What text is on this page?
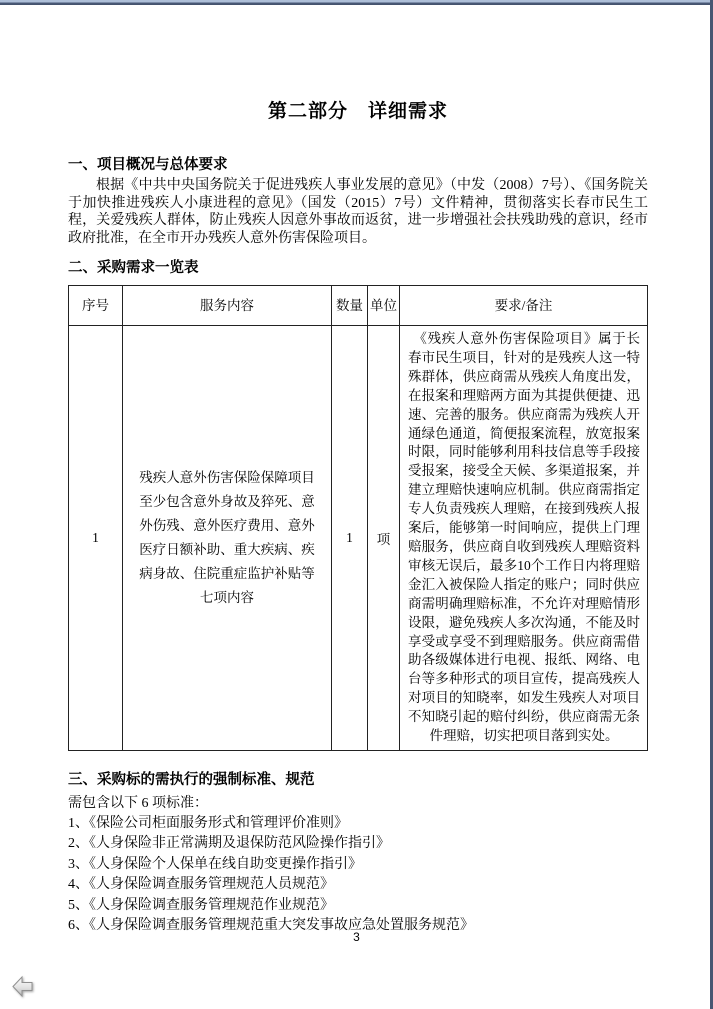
第二部分　详细需求
一、项目概况与总体要求

根据《中共中央国务院关于促进残疾人事业发展的意见》（中发（2008）7号）、《国务院关于加快推进残疾人小康进程的意见》（国发（2015）7号）文件精神，贯彻落实长春市民生工程，关爱残疾人群体，防止残疾人因意外事故而返贫，进一步增强社会扶残助残的意识，经市政府批准，在全市开办残疾人意外伤害保险项目。

二、采购需求一览表
序号	服务内容	数量	单位	要求/备注
1	残疾人意外伤害保险保障项目至少包含意外身故及猝死、意外伤残、意外医疗费用、意外医疗日额补助、重大疾病、疾病身故、住院重症监护补贴等七项内容	1	项	《残疾人意外伤害保险项目》属于长春市民生项目，针对的是残疾人这一特殊群体，供应商需从残疾人角度出发，在报案和理赔两方面为其提供便捷、迅速、完善的服务。供应商需为残疾人开通绿色通道，简便报案流程，放宽报案时限，同时能够利用科技信息等手段接受报案，接受全天候、多渠道报案，并建立理赔快速响应机制。供应商需指定专人负责残疾人理赔，在接到残疾人报案后，能够第一时间响应，提供上门理赔服务，供应商自收到残疾人理赔资料审核无误后，最多10个工作日内将理赔金汇入被保险人指定的账户；同时供应商需明确理赔标准，不允许对理赔情形设限，避免残疾人多次沟通，不能及时享受或享受不到理赔服务。供应商需借助各级媒体进行电视、报纸、网络、电台等多种形式的项目宣传，提高残疾人对项目的知晓率，如发生残疾人对项目不知晓引起的赔付纠纷，供应商需无条件理赔，切实把项目落到实处。
三、采购标的需执行的强制标准、规范
需包含以下 6 项标准：
1、《保险公司柜面服务形式和管理评价准则》
2、《人身保险非正常满期及退保防范风险操作指引》
3、《人身保险个人保单在线自助变更操作指引》
4、《人身保险调查服务管理规范人员规范》
5、《人身保险调查服务管理规范作业规范》
6、《人身保险调查服务管理规范重大突发事故应急处置服务规范》
3
